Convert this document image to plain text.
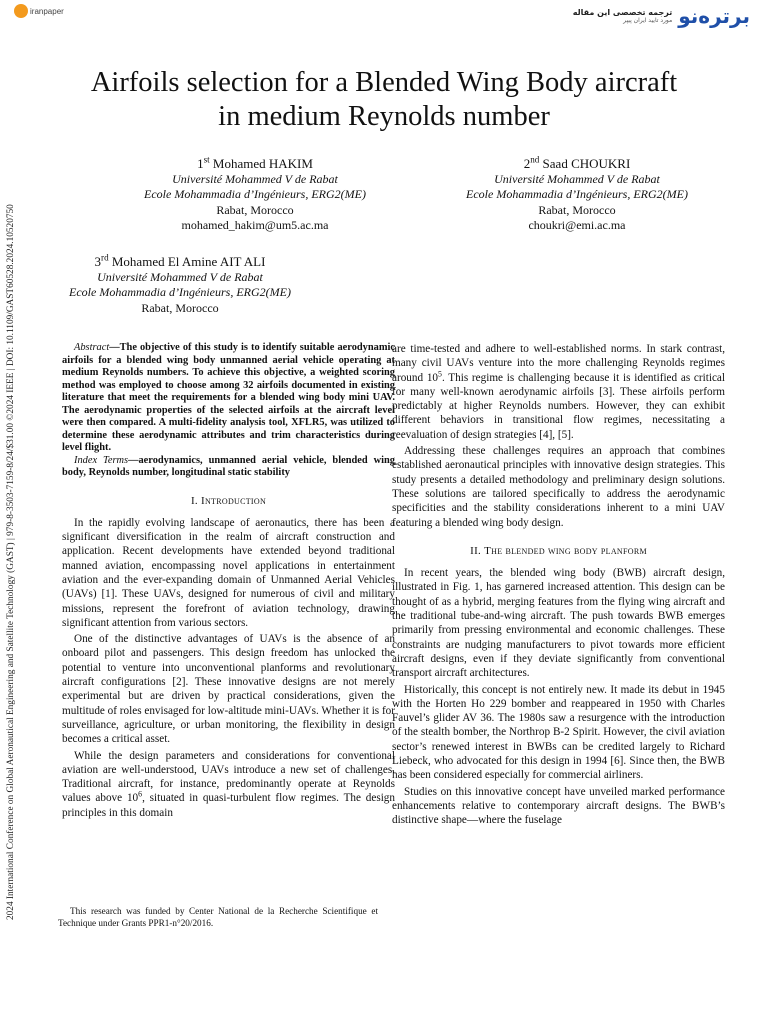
iranpaper	ترجمه تخصصی این مقاله
مورد تایید ایران پیپر برتره‌نو
2024 International Conference on Global Aeronautical Engineering and Satellite Technology (GAST) | 979-8-3503-7159-8/24/$31.00 ©2024 IEEE | DOI: 10.1109/GAST60528.2024.10520750
Airfoils selection for a Blended Wing Body aircraft
in medium Reynolds number
1st Mohamed HAKIM
Université Mohammed V de Rabat
Ecole Mohammadia d’Ingénieurs, ERG2(ME)
Rabat, Morocco
mohamed_hakim@um5.ac.ma
2nd Saad CHOUKRI
Université Mohammed V de Rabat
Ecole Mohammadia d’Ingénieurs, ERG2(ME)
Rabat, Morocco
choukri@emi.ac.ma
3rd Mohamed El Amine AIT ALI
Université Mohammed V de Rabat
Ecole Mohammadia d’Ingénieurs, ERG2(ME)
Rabat, Morocco

Abstract—The objective of this study is to identify suitable aerodynamic airfoils for a blended wing body unmanned aerial vehicle operating at medium Reynolds numbers. To achieve this objective, a weighted scoring method was employed to choose among 32 airfoils documented in existing literature that meet the requirements for a blended wing body mini UAV. The aerodynamic properties of the selected airfoils at the aircraft level were then compared. A multi-fidelity analysis tool, XFLR5, was utilized to determine these aerodynamic attributes and trim characteristics during level flight.

Index Terms—aerodynamics, unmanned aerial vehicle, blended wing body, Reynolds number, longitudinal static stability

I. Introduction

In the rapidly evolving landscape of aeronautics, there has been a significant diversification in the realm of aircraft construction and application. Recent developments have extended beyond traditional manned aviation, encompassing novel applications in entertainment aviation and the ever-expanding domain of Unmanned Aerial Vehicles (UAVs) [1]. These UAVs, designed for numerous of civil and military missions, represent the forefront of aviation technology, drawing significant attention from various sectors.

One of the distinctive advantages of UAVs is the absence of an onboard pilot and passengers. This design freedom has unlocked the potential to venture into unconventional planforms and revolutionary aircraft configurations [2]. These innovative designs are not merely experimental but are driven by practical considerations, given the multitude of roles envisaged for low-altitude mini-UAVs. Whether it is for surveillance, agriculture, or urban monitoring, the flexibility in design becomes a critical asset.

While the design parameters and considerations for conventional aviation are well-understood, UAVs introduce a new set of challenges. Traditional aircraft, for instance, predominantly operate at Reynolds values above $10^6$, situated in quasi-turbulent flow regimes. The design principles in this domain

This research was funded by Center National de la Recherche Scientifique et Technique under Grants PPR1-n°20/2016.

are time-tested and adhere to well-established norms. In stark contrast, many civil UAVs venture into the more challenging Reynolds regimes around $10^5$. This regime is challenging because it is identified as critical for many well-known aerodynamic airfoils [3]. These airfoils perform predictably at higher Reynolds numbers. However, they can exhibit different behaviors in transitional flow regimes, necessitating a reevaluation of design strategies [4], [5].

Addressing these challenges requires an approach that combines established aeronautical principles with innovative design strategies. This study presents a detailed methodology and preliminary design solutions. These solutions are tailored specifically to address the aerodynamic specificities and the stability considerations inherent to a mini UAV featuring a blended wing body design.

II. The blended wing body planform

In recent years, the blended wing body (BWB) aircraft design, illustrated in Fig. 1, has garnered increased attention. This design can be thought of as a hybrid, merging features from the flying wing aircraft and the traditional tube-and-wing aircraft. The push towards BWB emerges primarily from pressing environmental and economic challenges. These constraints are nudging manufacturers to pivot towards more efficient aircraft designs, even if they deviate significantly from conventional transport aircraft architectures.

Historically, this concept is not entirely new. It made its debut in 1945 with the Horten Ho 229 bomber and reappeared in 1950 with Charles Fauvel’s glider AV 36. The 1980s saw a resurgence with the introduction of the stealth bomber, the Northrop B-2 Spirit. However, the civil aviation sector’s renewed interest in BWBs can be credited largely to Richard Liebeck, who advocated for this design in 1994 [6]. Since then, the BWB has been considered especially for commercial airliners.

Studies on this innovative concept have unveiled marked performance enhancements relative to contemporary aircraft designs. The BWB’s distinctive shape—where the fuselage
